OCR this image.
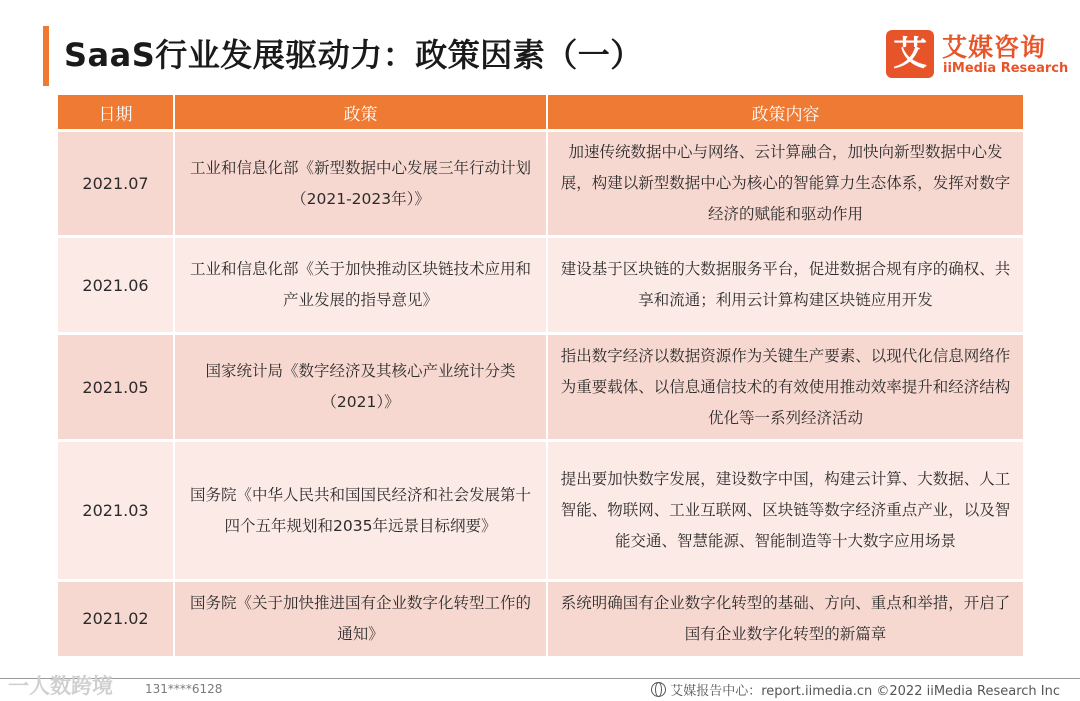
SaaS行业发展驱动力：政策因素（一）	艾 艾媒咨询
iiMedia Research
日期	政策	政策内容
2021.07	工业和信息化部《新型数据中心发展三年行动计划（2021-2023年）》	加速传统数据中心与网络、云计算融合，加快向新型数据中心发展，构建以新型数据中心为核心的智能算力生态体系，发挥对数字经济的赋能和驱动作用
2021.06	工业和信息化部《关于加快推动区块链技术应用和产业发展的指导意见》	建设基于区块链的大数据服务平台，促进数据合规有序的确权、共享和流通；利用云计算构建区块链应用开发
2021.05	国家统计局《数字经济及其核心产业统计分类（2021）》	指出数字经济以数据资源作为关键生产要素、以现代化信息网络作为重要载体、以信息通信技术的有效使用推动效率提升和经济结构优化等一系列经济活动
2021.03	国务院《中华人民共和国国民经济和社会发展第十四个五年规划和2035年远景目标纲要》	提出要加快数字发展，建设数字中国，构建云计算、大数据、人工智能、物联网、工业互联网、区块链等数字经济重点产业，以及智能交通、智慧能源、智能制造等十大数字应用场景
2021.02	国务院《关于加快推进国有企业数字化转型工作的通知》	系统明确国有企业数字化转型的基础、方向、重点和举措，开启了国有企业数字化转型的新篇章
一人数跨境	131****6128	艾媒报告中心：report.iimedia.cn ©2022 iiMedia Research Inc
